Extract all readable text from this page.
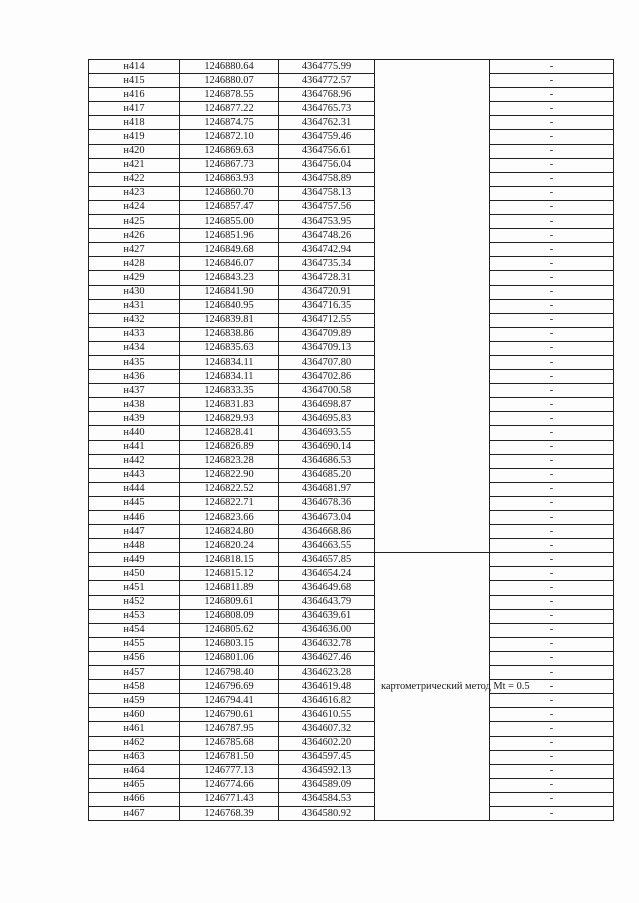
н414	1246880.64	4364775.99		-
н415	1246880.07	4364772.57		-
н416	1246878.55	4364768.96		-
н417	1246877.22	4364765.73		-
н418	1246874.75	4364762.31		-
н419	1246872.10	4364759.46		-
н420	1246869.63	4364756.61		-
н421	1246867.73	4364756.04		-
н422	1246863.93	4364758.89		-
н423	1246860.70	4364758.13		-
н424	1246857.47	4364757.56		-
н425	1246855.00	4364753.95		-
н426	1246851.96	4364748.26		-
н427	1246849.68	4364742.94		-
н428	1246846.07	4364735.34		-
н429	1246843.23	4364728.31		-
н430	1246841.90	4364720.91		-
н431	1246840.95	4364716.35		-
н432	1246839.81	4364712.55		-
н433	1246838.86	4364709.89		-
н434	1246835.63	4364709.13		-
н435	1246834.11	4364707.80		-
н436	1246834.11	4364702.86		-
н437	1246833.35	4364700.58		-
н438	1246831.83	4364698.87		-
н439	1246829.93	4364695.83		-
н440	1246828.41	4364693.55		-
н441	1246826.89	4364690.14		-
н442	1246823.28	4364686.53		-
н443	1246822.90	4364685.20		-
н444	1246822.52	4364681.97		-
н445	1246822.71	4364678.36		-
н446	1246823.66	4364673.04		-
н447	1246824.80	4364668.86		-
н448	1246820.24	4364663.55		-
н449	1246818.15	4364657.85	картометрический метод Mt = 0.5	-
н450	1246815.12	4364654.24		-
н451	1246811.89	4364649.68		-
н452	1246809.61	4364643.79		-
н453	1246808.09	4364639.61		-
н454	1246805.62	4364636.00		-
н455	1246803.15	4364632.78		-
н456	1246801.06	4364627.46		-
н457	1246798.40	4364623.28		-
н458	1246796.69	4364619.48		-
н459	1246794.41	4364616.82		-
н460	1246790.61	4364610.55		-
н461	1246787.95	4364607.32		-
н462	1246785.68	4364602.20		-
н463	1246781.50	4364597.45		-
н464	1246777.13	4364592.13		-
н465	1246774.66	4364589.09		-
н466	1246771.43	4364584.53		-
н467	1246768.39	4364580.92		-
